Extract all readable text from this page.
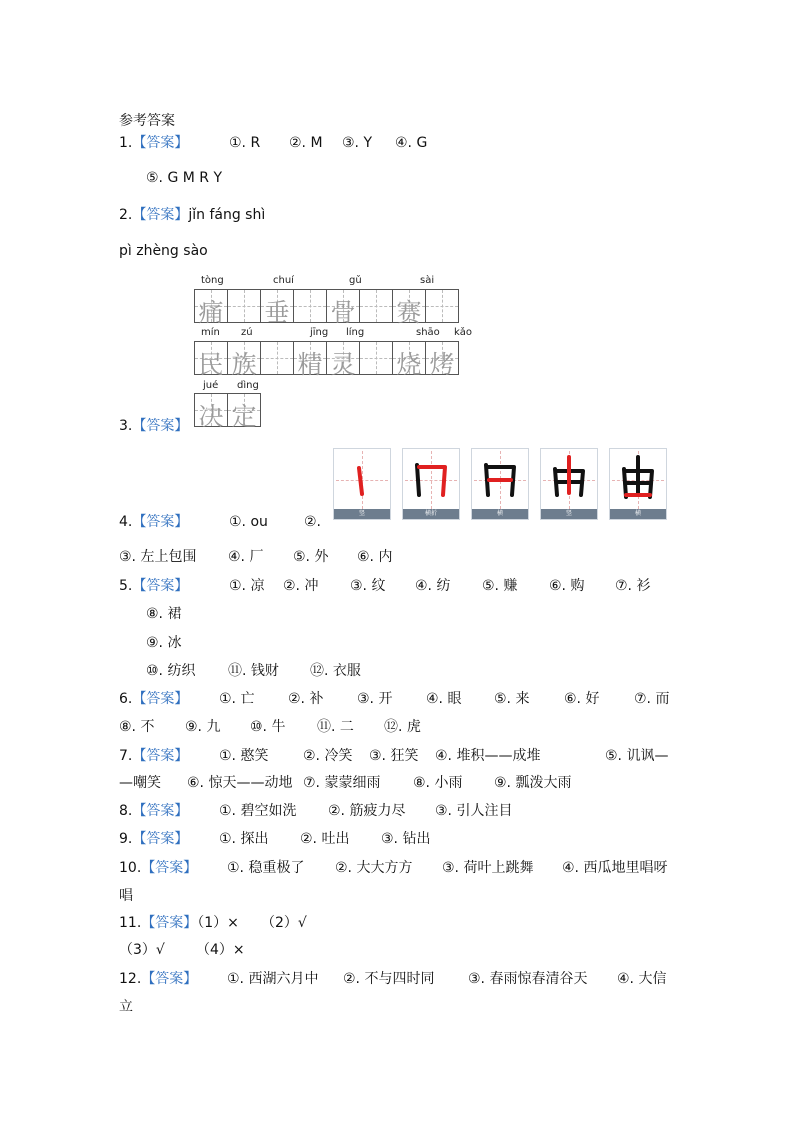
参考答案
1.【答案】	①. R ②. M ③. Y ④. G
⑤. G M R Y
2.【答案】jǐn fáng shì
pì zhèng sào
tòng	chuí	gǔ	sài
痛 垂 骨 赛
mín zú	jīng líng	shāo kǎo
民 族 精 灵 烧 烤
jué dìng
决 定
3.【答案】
竖	横折	横	竖	横
4.【答案】	①. ou	②.
③. 左上包围 ④. 厂 ⑤. 外 ⑥. 内
5.【答案】	①. 凉 ②. 冲 ③. 纹 ④. 纺 ⑤. 赚 ⑥. 购 ⑦. 衫
⑧. 裙
⑨. 冰
⑩. 纺织 ⑪. 钱财 ⑫. 衣服
6.【答案】 ①. 亡 ②. 补 ③. 开 ④. 眼 ⑤. 来 ⑥. 好 ⑦. 而
⑧. 不 ⑨. 九 ⑩. 牛 ⑪. 二 ⑫. 虎
7.【答案】 ①. 憨笑 ②. 冷笑 ③. 狂笑 ④. 堆积——成堆	⑤. 讥讽—
—嘲笑 ⑥. 惊天——动地 ⑦. 蒙蒙细雨 ⑧. 小雨 ⑨. 瓢泼大雨
8.【答案】 ①. 碧空如洗 ②. 筋疲力尽 ③. 引人注目
9.【答案】 ①. 探出 ②. 吐出 ③. 钻出
10.【答案】 ①. 稳重极了 ②. 大大方方 ③. 荷叶上跳舞 ④. 西瓜地里唱呀
唱
11.【答案】（1）× （2）√
（3）√ （4）×
12.【答案】 ①. 西湖六月中 ②. 不与四时同 ③. 春雨惊春清谷天 ④. 大信
立
